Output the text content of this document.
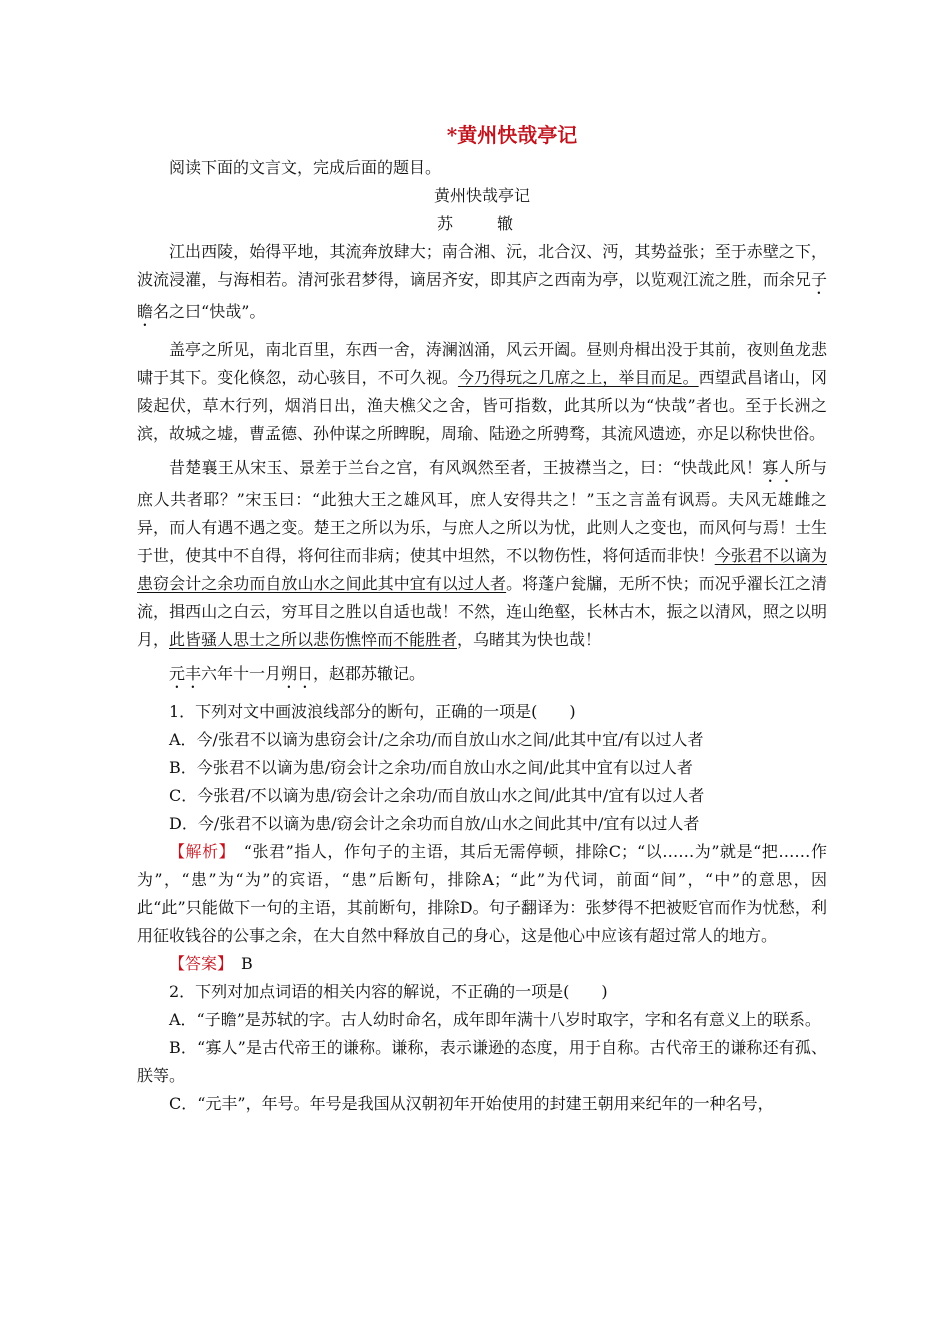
*黄州快哉亭记

阅读下面的文言文，完成后面的题目。

黄州快哉亭记

苏　辙

江出西陵，始得平地，其流奔放肆大；南合湘、沅，北合汉、沔，其势益张；至于赤壁之下，波流浸灌，与海相若。清河张君梦得，谪居齐安，即其庐之西南为亭，以览观江流之胜，而余兄子瞻名之曰“快哉”。

盖亭之所见，南北百里，东西一舍，涛澜汹涌，风云开阖。昼则舟楫出没于其前，夜则鱼龙悲啸于其下。变化倏忽，动心骇目，不可久视。今乃得玩之几席之上，举目而足。西望武昌诸山，冈陵起伏，草木行列，烟消日出，渔夫樵父之舍，皆可指数，此其所以为“快哉”者也。至于长洲之滨，故城之墟，曹孟德、孙仲谋之所睥睨，周瑜、陆逊之所骋骛，其流风遗迹，亦足以称快世俗。

昔楚襄王从宋玉、景差于兰台之宫，有风飒然至者，王披襟当之，曰：“快哉此风！寡人所与庶人共者耶？”宋玉曰：“此独大王之雄风耳，庶人安得共之！”玉之言盖有讽焉。夫风无雄雌之异，而人有遇不遇之变。楚王之所以为乐，与庶人之所以为忧，此则人之变也，而风何与焉！士生于世，使其中不自得，将何往而非病；使其中坦然，不以物伤性，将何适而非快！今张君不以谪为患窃会计之余功而自放山水之间此其中宜有以过人者。将蓬户瓮牖，无所不快；而况乎濯长江之清流，揖西山之白云，穷耳目之胜以自适也哉！不然，连山绝壑，长林古木，振之以清风，照之以明月，此皆骚人思士之所以悲伤憔悴而不能胜者，乌睹其为快也哉！

元丰六年十一月朔日，赵郡苏辙记。

1．下列对文中画波浪线部分的断句，正确的一项是(　　)

A．今/张君不以谪为患窃会计/之余功/而自放山水之间/此其中宜/有以过人者

B．今张君不以谪为患/窃会计之余功/而自放山水之间/此其中宜有以过人者

C．今张君/不以谪为患/窃会计之余功/而自放山水之间/此其中/宜有以过人者

D．今/张君不以谪为患/窃会计之余功而自放/山水之间此其中/宜有以过人者

【解析】　“张君”指人，作句子的主语，其后无需停顿，排除C；“以……为”就是“把……作为”，“患”为“为”的宾语，“患”后断句，排除A；“此”为代词，前面“间”，“中”的意思，因此“此”只能做下一句的主语，其前断句，排除D。句子翻译为：张梦得不把被贬官而作为忧愁，利用征收钱谷的公事之余，在大自然中释放自己的身心，这是他心中应该有超过常人的地方。

【答案】　B

2．下列对加点词语的相关内容的解说，不正确的一项是(　　)

A．“子瞻”是苏轼的字。古人幼时命名，成年即年满十八岁时取字，字和名有意义上的联系。

B．“寡人”是古代帝王的谦称。谦称，表示谦逊的态度，用于自称。古代帝王的谦称还有孤、朕等。

C．“元丰”，年号。年号是我国从汉朝初年开始使用的封建王朝用来纪年的一种名号，
